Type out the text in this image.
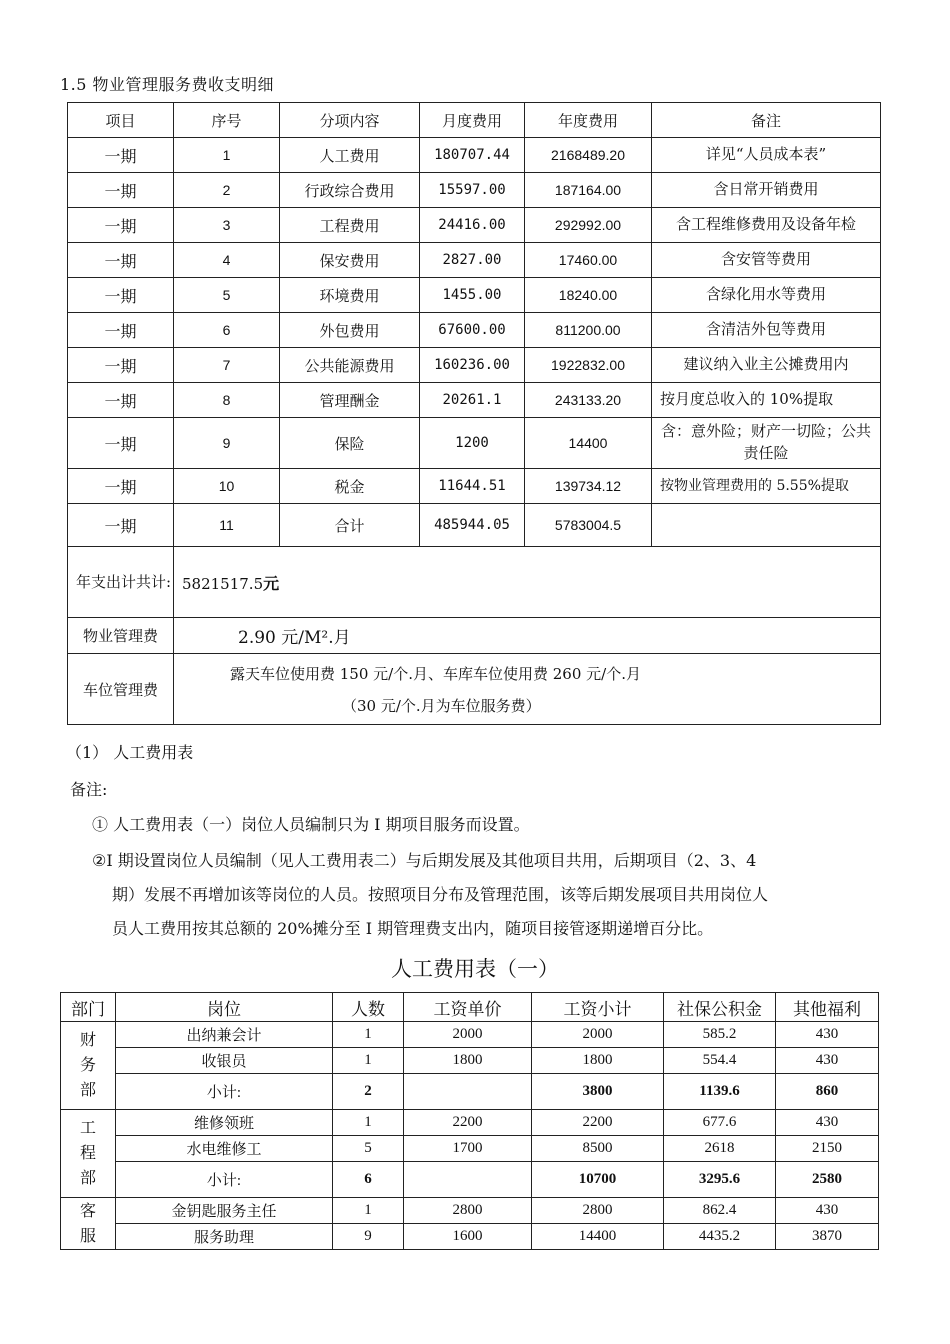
1.5 物业管理服务费收支明细
项目	序号	分项内容	月度费用	年度费用	备注
一期	1	人工费用	180707.44	2168489.20	详见“人员成本表”
一期	2	行政综合费用	15597.00	187164.00	含日常开销费用
一期	3	工程费用	24416.00	292992.00	含工程维修费用及设备年检
一期	4	保安费用	2827.00	17460.00	含安管等费用
一期	5	环境费用	1455.00	18240.00	含绿化用水等费用
一期	6	外包费用	67600.00	811200.00	含清洁外包等费用
一期	7	公共能源费用	160236.00	1922832.00	建议纳入业主公摊费用内
一期	8	管理酬金	20261.1	243133.20	按月度总收入的 10%提取
一期	9	保险	1200	14400	含：意外险；财产一切险；公共责任险
一期	10	税金	11644.51	139734.12	按物业管理费用的 5.55%提取
一期	11	合计	485944.05	5783004.5	
年支出计共计:	5821517.5元				
物业管理费	2.90 元/M².月				
车位管理费	露天车位使用费 150 元/个.月、车库车位使用费 260 元/个.月
（30 元/个.月为车位服务费）				
（1） 人工费用表
备注:
① 人工费用表（一）岗位人员编制只为 I 期项目服务而设置。
②I 期设置岗位人员编制（见人工费用表二）与后期发展及其他项目共用，后期项目（2、3、4
期）发展不再增加该等岗位的人员。按照项目分布及管理范围，该等后期发展项目共用岗位人
员人工费用按其总额的 20%摊分至 I 期管理费支出内，随项目接管逐期递增百分比。
人工费用表（一）
部门	岗位	人数	工资单价	工资小计	社保公积金	其他福利

财
务
部	出纳兼会计	1	2000	2000	585.2	430
	收银员	1	1800	1800	554.4	430
	小计:	2		3800	1139.6	860

工
程
部	维修领班	1	2200	2200	677.6	430
	水电维修工	5	1700	8500	2618	2150
	小计:	6		10700	3295.6	2580

客
服	金钥匙服务主任	1	2800	2800	862.4	430
	服务助理	9	1600	14400	4435.2	3870
